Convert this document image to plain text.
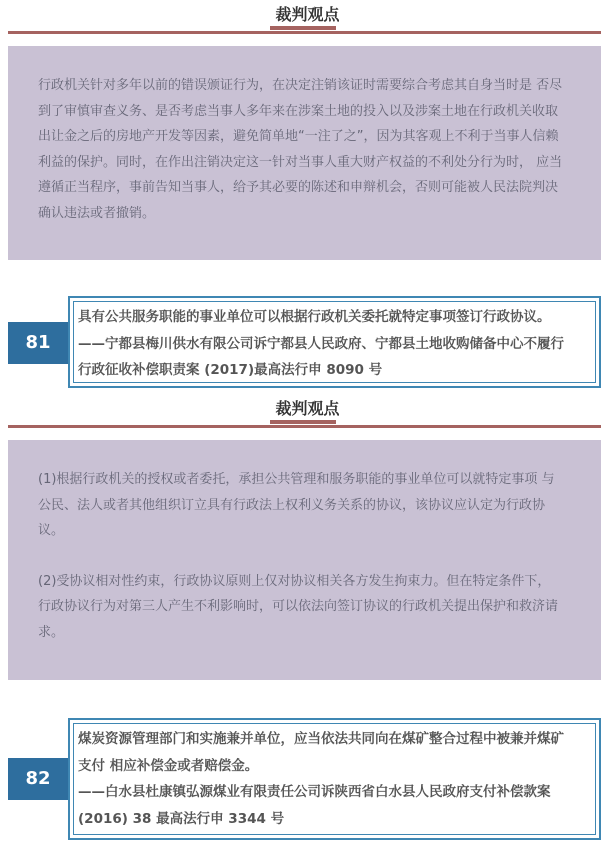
裁判观点

行政机关针对多年以前的错误颁证行为，在决定注销该证时需要综合考虑其自身当时是 否尽
到了审慎审查义务、是否考虑当事人多年来在涉案土地的投入以及涉案土地在行政机关收取
出让金之后的房地产开发等因素，避免简单地“一注了之”，因为其客观上不利于当事人信赖
利益的保护。同时，在作出注销决定这一针对当事人重大财产权益的不利处分行为时， 应当
遵循正当程序，事前告知当事人，给予其必要的陈述和申辩机会，否则可能被人民法院判决
确认违法或者撤销。

81
具有公共服务职能的事业单位可以根据行政机关委托就特定事项签订行政协议。
——宁都县梅川供水有限公司诉宁都县人民政府、宁都县土地收购储备中心不履行
行政征收补偿职责案 (2017)最高法行申 8090 号
裁判观点

(1)根据行政机关的授权或者委托，承担公共管理和服务职能的事业单位可以就特定事项 与
公民、法人或者其他组织订立具有行政法上权利义务关系的协议，该协议应认定为行政协
议。

(2)受协议相对性约束，行政协议原则上仅对协议相关各方发生拘束力。但在特定条件下，
行政协议行为对第三人产生不利影响时，可以依法向签订协议的行政机关提出保护和救济请
求。

82
煤炭资源管理部门和实施兼并单位，应当依法共同向在煤矿整合过程中被兼并煤矿
支付 相应补偿金或者赔偿金。
——白水县杜康镇弘源煤业有限责任公司诉陕西省白水县人民政府支付补偿款案
(2016) 38 最高法行申 3344 号
